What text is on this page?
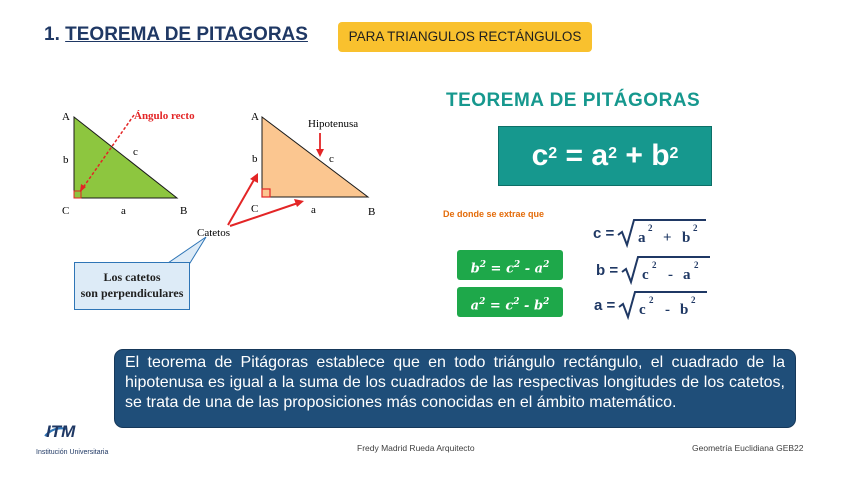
1. TEOREMA DE PITAGORAS	PARA TRIANGULOS RECTÁNGULOS
A
C	B
b
a
c
Ángulo recto	A
C	B
b
a
c
Hipotenusa
Catetos
Los catetos
son perpendiculares
TEOREMA DE PITÁGORAS
$c^2 = a^2 + b^2$
De donde se extrae que
$b^2 = c^2 - a^2$
$a^2 = c^2 - b^2$
c = a
2
+ b
2
b = c
2
- a
2
a = c
2
- b
2
El teorema de Pitágoras establece que en todo triángulo rectángulo, el cuadrado de la hipotenusa es igual a la suma de los cuadrados de las respectivas longitudes de los catetos, se trata de una de las proposiciones más conocidas en el ámbito matemático.
ITM
Institución Universitaria	Fredy Madrid Rueda Arquitecto	Geometría Euclidiana GEB22
